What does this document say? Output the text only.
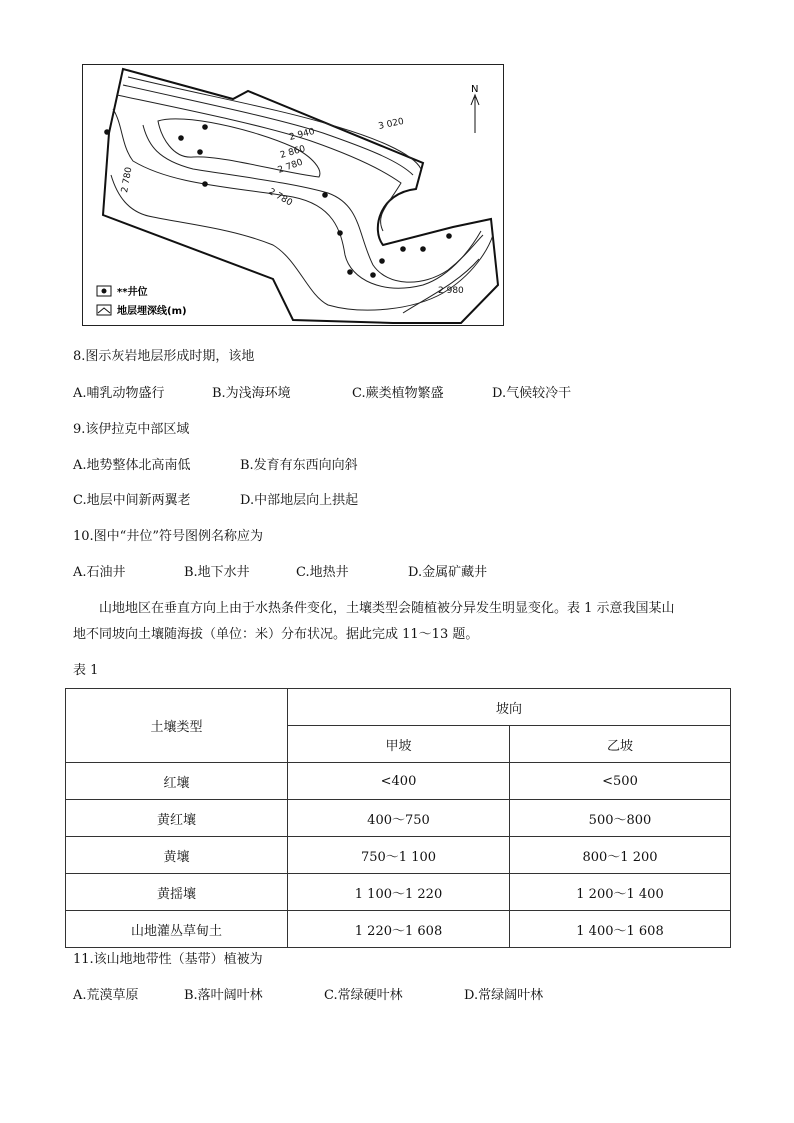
3 020
2 940
2 860
2 780
2 780
2 780
2 980
N
**井位
地层埋深线(m)
8.图示灰岩地层形成时期，该地
A.哺乳动物盛行	B.为浅海环境	C.蕨类植物繁盛	D.气候较冷干
9.该伊拉克中部区域
A.地势整体北高南低	B.发育有东西向向斜
C.地层中间新两翼老	D.中部地层向上拱起
10.图中“井位”符号图例名称应为
A.石油井	B.地下水井	C.地热井	D.金属矿藏井
山地地区在垂直方向上由于水热条件变化，土壤类型会随植被分异发生明显变化。表 1 示意我国某山
地不同坡向土壤随海拔（单位：米）分布状况。据此完成 11～13 题。
表 1
土壤类型	坡向	
	甲坡	乙坡
红壤	<400	<500
黄红壤	400～750	500～800
黄壤	750～1 100	800～1 200
黄揺壤	1 100～1 220	1 200～1 400
山地灌丛草甸土	1 220～1 608	1 400～1 608
11.该山地地带性（基带）植被为
A.荒漠草原	B.落叶阔叶林	C.常绿硬叶林	D.常绿阔叶林
